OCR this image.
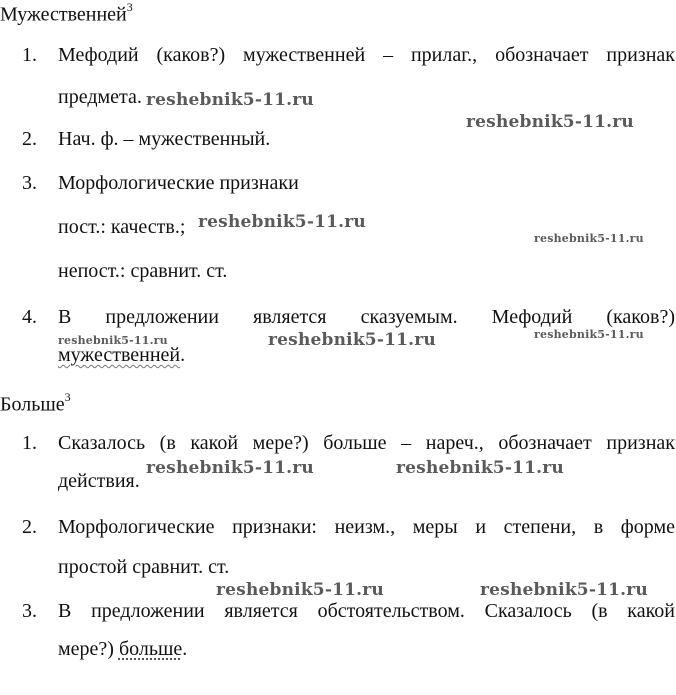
Мужественней$^3$
1. Мефодий (каков?) мужественней – прилаг., обозначает признак
предмета.
2. Нач. ф. – мужественный.
3. Морфологические признаки
пост.: качеств.;
непост.: сравнит. ст.
4. В предложении является сказуемым. Мефодий (каков?)
мужественней.
Больше$^3$
1. Сказалось (в какой мере?) больше – нареч., обозначает признак
действия.
2. Морфологические признаки: неизм., меры и степени, в форме
простой сравнит. ст.
3. В предложении является обстоятельством. Сказалось (в какой
мере?) больше.
reshebnik5-11.ru
reshebnik5-11.ru
reshebnik5-11.ru
reshebnik5-11.ru
reshebnik5-11.ru	reshebnik5-11.ru	reshebnik5-11.ru
reshebnik5-11.ru	reshebnik5-11.ru
reshebnik5-11.ru	reshebnik5-11.ru
